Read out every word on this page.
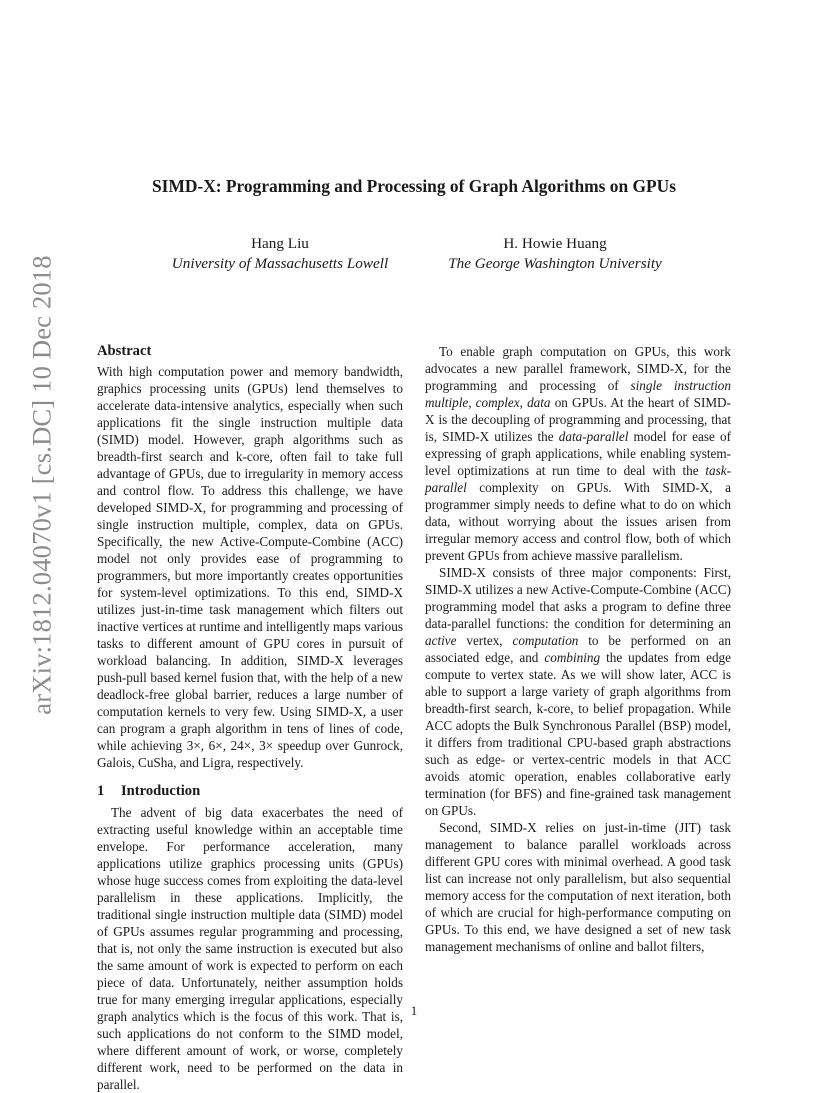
arXiv:1812.04070v1 [cs.DC] 10 Dec 2018
SIMD-X: Programming and Processing of Graph Algorithms on GPUs
Hang Liu
University of Massachusetts Lowell
H. Howie Huang
The George Washington University
Abstract

With high computation power and memory bandwidth, graphics processing units (GPUs) lend themselves to accelerate data-intensive analytics, especially when such applications fit the single instruction multiple data (SIMD) model. However, graph algorithms such as breadth-first search and k-core, often fail to take full advantage of GPUs, due to irregularity in memory access and control flow. To address this challenge, we have developed SIMD-X, for programming and processing of single instruction multiple, complex, data on GPUs. Specifically, the new Active-Compute-Combine (ACC) model not only provides ease of programming to programmers, but more importantly creates opportunities for system-level optimizations. To this end, SIMD-X utilizes just-in-time task management which filters out inactive vertices at runtime and intelligently maps various tasks to different amount of GPU cores in pursuit of workload balancing. In addition, SIMD-X leverages push-pull based kernel fusion that, with the help of a new deadlock-free global barrier, reduces a large number of computation kernels to very few. Using SIMD-X, a user can program a graph algorithm in tens of lines of code, while achieving 3×, 6×, 24×, 3× speedup over Gunrock, Galois, CuSha, and Ligra, respectively.

1 Introduction

The advent of big data exacerbates the need of extracting useful knowledge within an acceptable time envelope. For performance acceleration, many applications utilize graphics processing units (GPUs) whose huge success comes from exploiting the data-level parallelism in these applications. Implicitly, the traditional single instruction multiple data (SIMD) model of GPUs assumes regular programming and processing, that is, not only the same instruction is executed but also the same amount of work is expected to perform on each piece of data. Unfortunately, neither assumption holds true for many emerging irregular applications, especially graph analytics which is the focus of this work. That is, such applications do not conform to the SIMD model, where different amount of work, or worse, completely different work, need to be performed on the data in parallel.

To enable graph computation on GPUs, this work advocates a new parallel framework, SIMD-X, for the programming and processing of single instruction multiple, complex, data on GPUs. At the heart of SIMD-X is the decoupling of programming and processing, that is, SIMD-X utilizes the data-parallel model for ease of expressing of graph applications, while enabling system-level optimizations at run time to deal with the task-parallel complexity on GPUs. With SIMD-X, a programmer simply needs to define what to do on which data, without worrying about the issues arisen from irregular memory access and control flow, both of which prevent GPUs from achieve massive parallelism.

SIMD-X consists of three major components: First, SIMD-X utilizes a new Active-Compute-Combine (ACC) programming model that asks a program to define three data-parallel functions: the condition for determining an active vertex, computation to be performed on an associated edge, and combining the updates from edge compute to vertex state. As we will show later, ACC is able to support a large variety of graph algorithms from breadth-first search, k-core, to belief propagation. While ACC adopts the Bulk Synchronous Parallel (BSP) model, it differs from traditional CPU-based graph abstractions such as edge- or vertex-centric models in that ACC avoids atomic operation, enables collaborative early termination (for BFS) and fine-grained task management on GPUs.

Second, SIMD-X relies on just-in-time (JIT) task management to balance parallel workloads across different GPU cores with minimal overhead. A good task list can increase not only parallelism, but also sequential memory access for the computation of next iteration, both of which are crucial for high-performance computing on GPUs. To this end, we have designed a set of new task management mechanisms of online and ballot filters,

1
